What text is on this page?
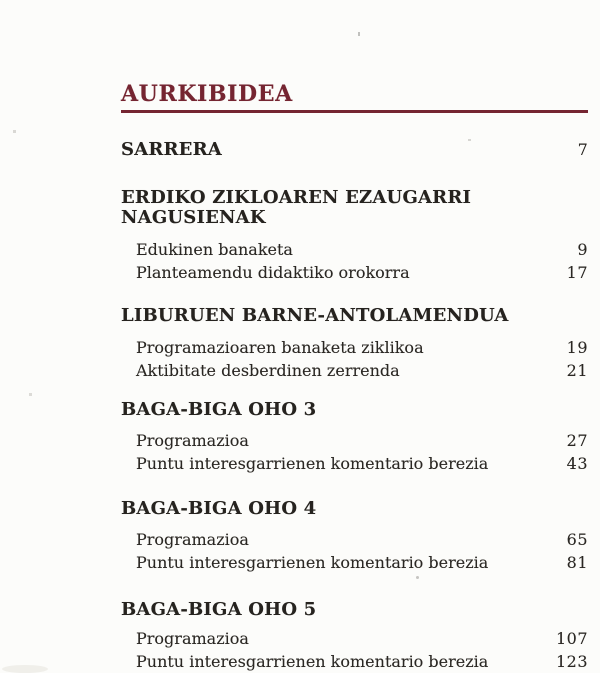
AURKIBIDEA
SARRERA	7
ERDIKO ZIKLOAREN EZAUGARRI NAGUSIENAK
Edukinen banaketa	9
Planteamendu didaktiko orokorra	17
LIBURUEN BARNE-ANTOLAMENDUA
Programazioaren banaketa ziklikoa	19
Aktibitate desberdinen zerrenda	21
BAGA-BIGA OHO 3
Programazioa	27
Puntu interesgarrienen komentario berezia	43
BAGA-BIGA OHO 4
Programazioa	65
Puntu interesgarrienen komentario berezia	81
BAGA-BIGA OHO 5
Programazioa	107
Puntu interesgarrienen komentario berezia	123
